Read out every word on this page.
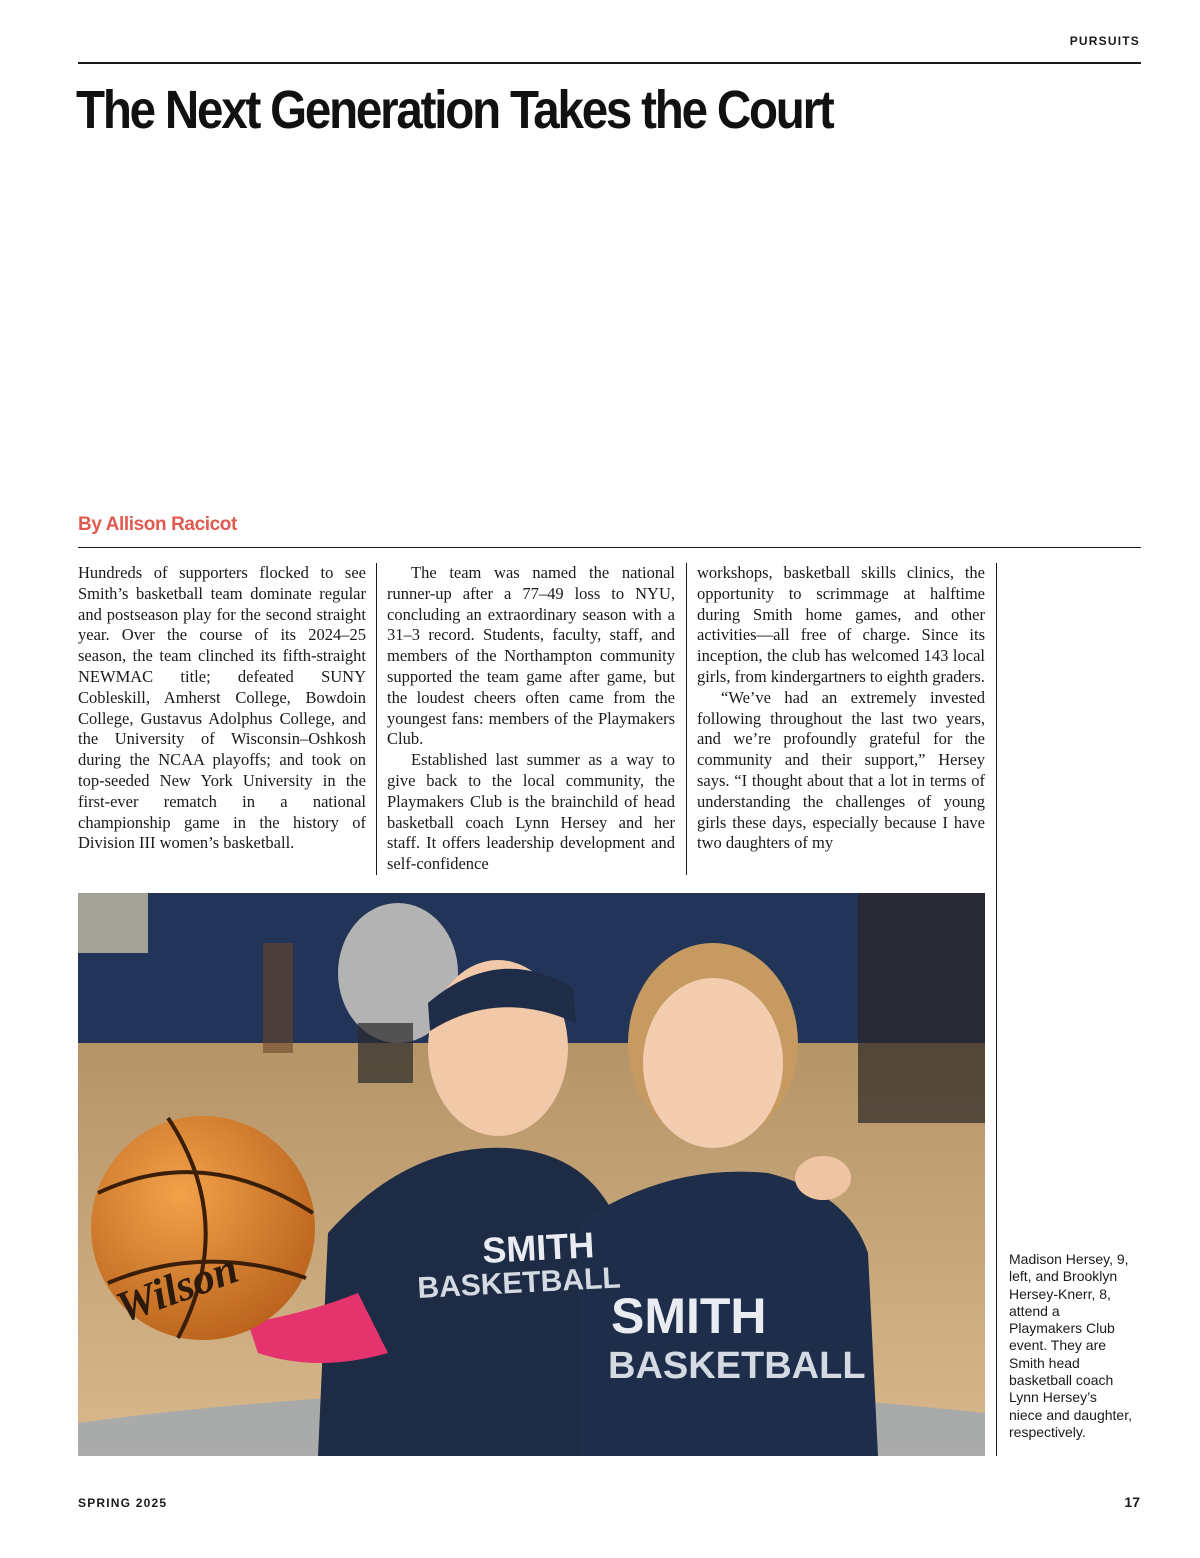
PURSUITS
The Next Generation Takes the Court
By Allison Racicot

Hundreds of supporters flocked to see Smith’s basketball team dominate regular and postseason play for the second straight year. Over the course of its 2024–25 season, the team clinched its fifth-straight NEWMAC title; defeated SUNY Cobleskill, Amherst College, Bowdoin College, Gustavus Adolphus College, and the University of Wisconsin–Oshkosh during the NCAA playoffs; and took on top-seeded New York University in the first-ever rematch in a national championship game in the history of Division III women’s basketball.

The team was named the national runner-up after a 77–49 loss to NYU, concluding an extraordinary season with a 31–3 record. Students, faculty, staff, and members of the Northampton community supported the team game after game, but the loudest cheers often came from the youngest fans: members of the Playmakers Club.

Established last summer as a way to give back to the local community, the Playmakers Club is the brainchild of head basketball coach Lynn Hersey and her staff. It offers leadership development and self-confidence

workshops, basketball skills clinics, the opportunity to scrimmage at halftime during Smith home games, and other activities—all free of charge. Since its inception, the club has welcomed 143 local girls, from kindergartners to eighth graders.

“We’ve had an extremely invested following throughout the last two years, and we’re profoundly grateful for the community and their support,” Hersey says. “I thought about that a lot in terms of understanding the challenges of young girls these days, especially because I have two daughters of my

SMITH
BASKETBALL
SMITH
BASKETBALL
Wilson	Madison Hersey, 9, left, and Brooklyn Hersey-Knerr, 8, attend a Playmakers Club event. They are Smith head basketball coach Lynn Hersey’s niece and daughter, respectively.

SPRING 2025	17
